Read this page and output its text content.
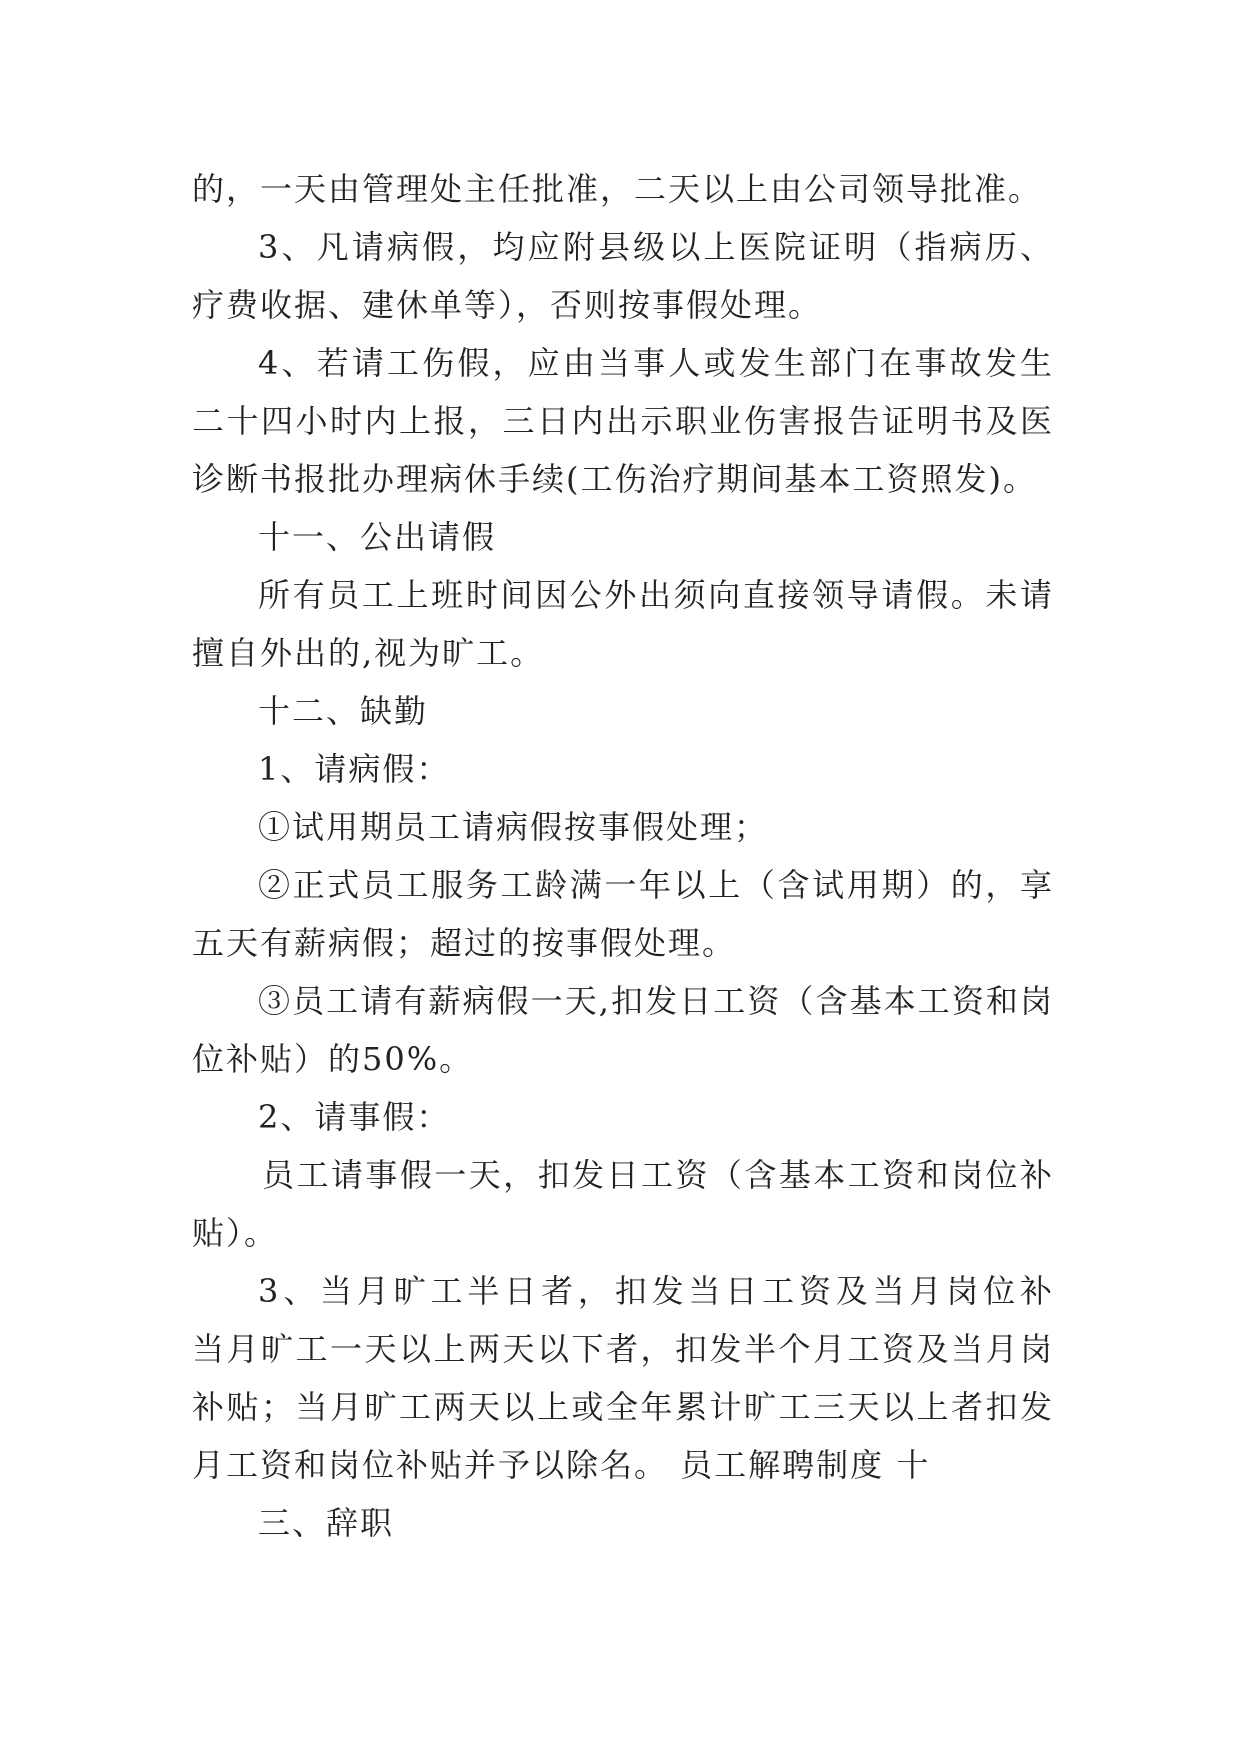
的，一天由管理处主任批准，二天以上由公司领导批准。
3、凡请病假，均应附县级以上医院证明（指病历、
疗费收据、建休单等），否则按事假处理。
4、若请工伤假，应由当事人或发生部门在事故发生
二十四小时内上报，三日内出示职业伤害报告证明书及医
诊断书报批办理病休手续(工伤治疗期间基本工资照发)。
十一、公出请假
所有员工上班时间因公外出须向直接领导请假。未请
擅自外出的,视为旷工。
十二、缺勤
1、请病假：
①试用期员工请病假按事假处理；
②正式员工服务工龄满一年以上（含试用期）的，享
五天有薪病假；超过的按事假处理。
③员工请有薪病假一天,扣发日工资（含基本工资和岗
位补贴）的50%。
2、请事假：
员工请事假一天，扣发日工资（含基本工资和岗位补
贴）。
3、当月旷工半日者，扣发当日工资及当月岗位补
当月旷工一天以上两天以下者，扣发半个月工资及当月岗
补贴；当月旷工两天以上或全年累计旷工三天以上者扣发
月工资和岗位补贴并予以除名。 员工解聘制度 十
三、辞职
